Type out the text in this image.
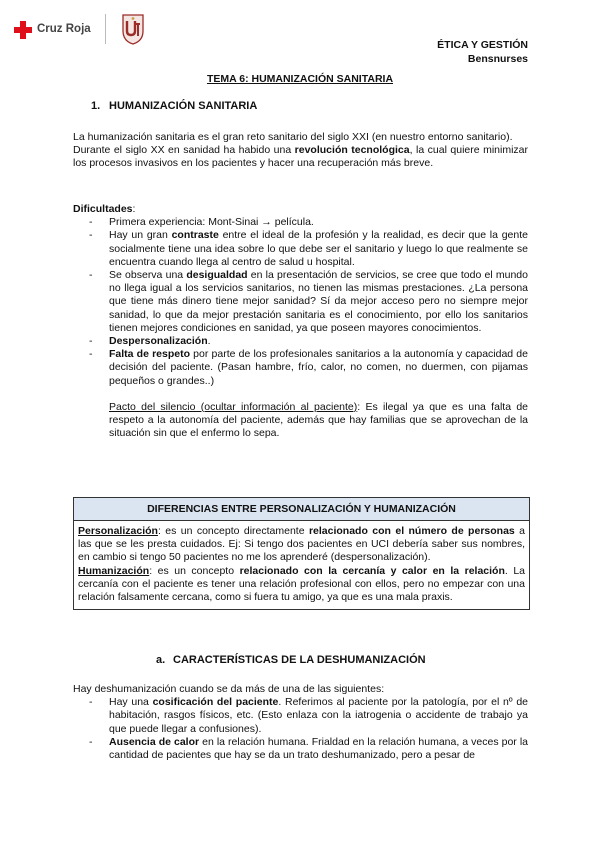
Cruz Roja
ÉTICA Y GESTIÓN
Bensnurses
TEMA 6: HUMANIZACIÓN SANITARIA
1. HUMANIZACIÓN SANITARIA

La humanización sanitaria es el gran reto sanitario del siglo XXI (en nuestro entorno sanitario).

Durante el siglo XX en sanidad ha habido una revolución tecnológica, la cual quiere minimizar los procesos invasivos en los pacientes y hacer una recuperación más breve.

Dificultades:

- Primera experiencia: Mont-Sinai → película.
- Hay un gran contraste entre el ideal de la profesión y la realidad, es decir que la gente socialmente tiene una idea sobre lo que debe ser el sanitario y luego lo que realmente se encuentra cuando llega al centro de salud u hospital.
- Se observa una desigualdad en la presentación de servicios, se cree que todo el mundo no llega igual a los servicios sanitarios, no tienen las mismas prestaciones. ¿La persona que tiene más dinero tiene mejor sanidad? Sí da mejor acceso pero no siempre mejor sanidad, lo que da mejor prestación sanitaria es el conocimiento, por ello los sanitarios tienen mejores condiciones en sanidad, ya que poseen mayores conocimientos.
- Despersonalización.
- Falta de respeto por parte de los profesionales sanitarios a la autonomía y capacidad de decisión del paciente. (Pasan hambre, frío, calor, no comen, no duermen, con pijamas pequeños o grandes..)

Pacto del silencio (ocultar información al paciente): Es ilegal ya que es una falta de respeto a la autonomía del paciente, además que hay familias que se aprovechan de la situación sin que el enfermo lo sepa.

DIFERENCIAS ENTRE PERSONALIZACIÓN Y HUMANIZACIÓN

Personalización: es un concepto directamente relacionado con el número de personas a las que se les presta cuidados. Ej: Si tengo dos pacientes en UCI debería saber sus nombres, en cambio si tengo 50 pacientes no me los aprenderé (despersonalización).

Humanización: es un concepto relacionado con la cercanía y calor en la relación. La cercanía con el paciente es tener una relación profesional con ellos, pero no empezar con una relación falsamente cercana, como si fuera tu amigo, ya que es una mala praxis.

a. CARACTERÍSTICAS DE LA DESHUMANIZACIÓN

Hay deshumanización cuando se da más de una de las siguientes:

- Hay una cosificación del paciente. Referimos al paciente por la patología, por el nº de habitación, rasgos físicos, etc. (Esto enlaza con la iatrogenia o accidente de trabajo ya que puede llegar a confusiones).
- Ausencia de calor en la relación humana. Frialdad en la relación humana, a veces por la cantidad de pacientes que hay se da un trato deshumanizado, pero a pesar de
